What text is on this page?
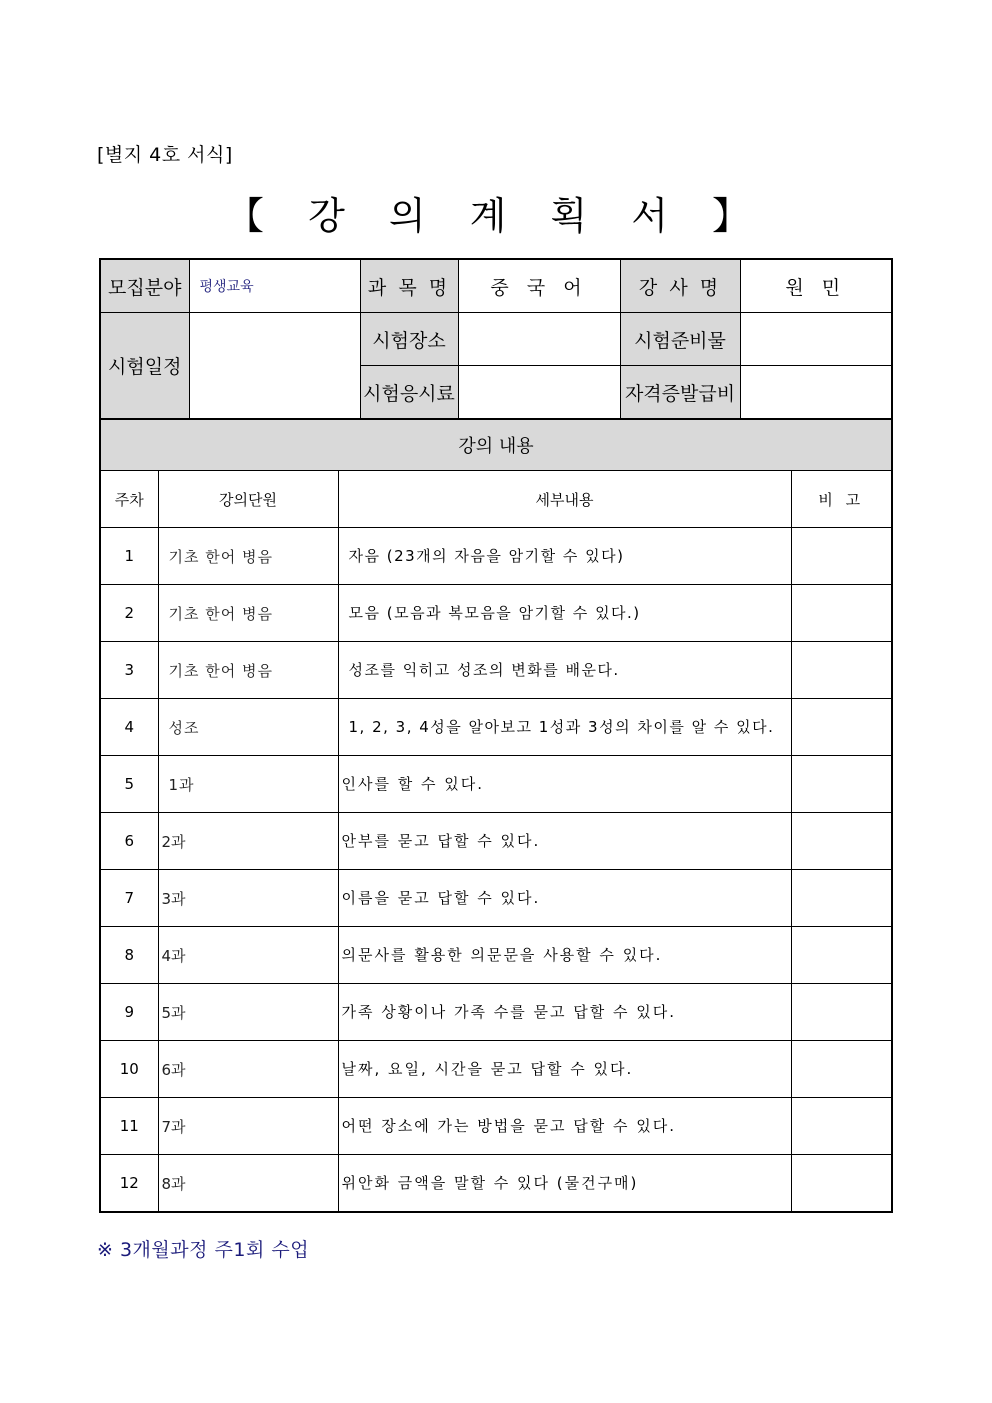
[별지 4호 서식]
【 강 의 계 획 서 】
모집분야	평생교육	과 목 명	중 국 어	강 사 명	원 민
시험일정		시험장소		시험준비물	
		시험응시료		자격증발급비	
강의 내용			
주차	강의단원	세부내용	비 고
1	기초 한어 병음	자음 (23개의 자음을 암기할 수 있다)	
2	기초 한어 병음	모음 (모음과 복모음을 암기할 수 있다.)	
3	기초 한어 병음	성조를 익히고 성조의 변화를 배운다.	
4	성조	1, 2, 3, 4성을 알아보고 1성과 3성의 차이를 알 수 있다.	
5	1과	인사를 할 수 있다.	
6	2과	안부를 묻고 답할 수 있다.	
7	3과	이름을 묻고 답할 수 있다.	
8	4과	의문사를 활용한 의문문을 사용할 수 있다.	
9	5과	가족 상황이나 가족 수를 묻고 답할 수 있다.	
10	6과	날짜, 요일, 시간을 묻고 답할 수 있다.	
11	7과	어떤 장소에 가는 방법을 묻고 답할 수 있다.	
12	8과	위안화 금액을 말할 수 있다 (물건구매)	
※ 3개월과정 주1회 수업
